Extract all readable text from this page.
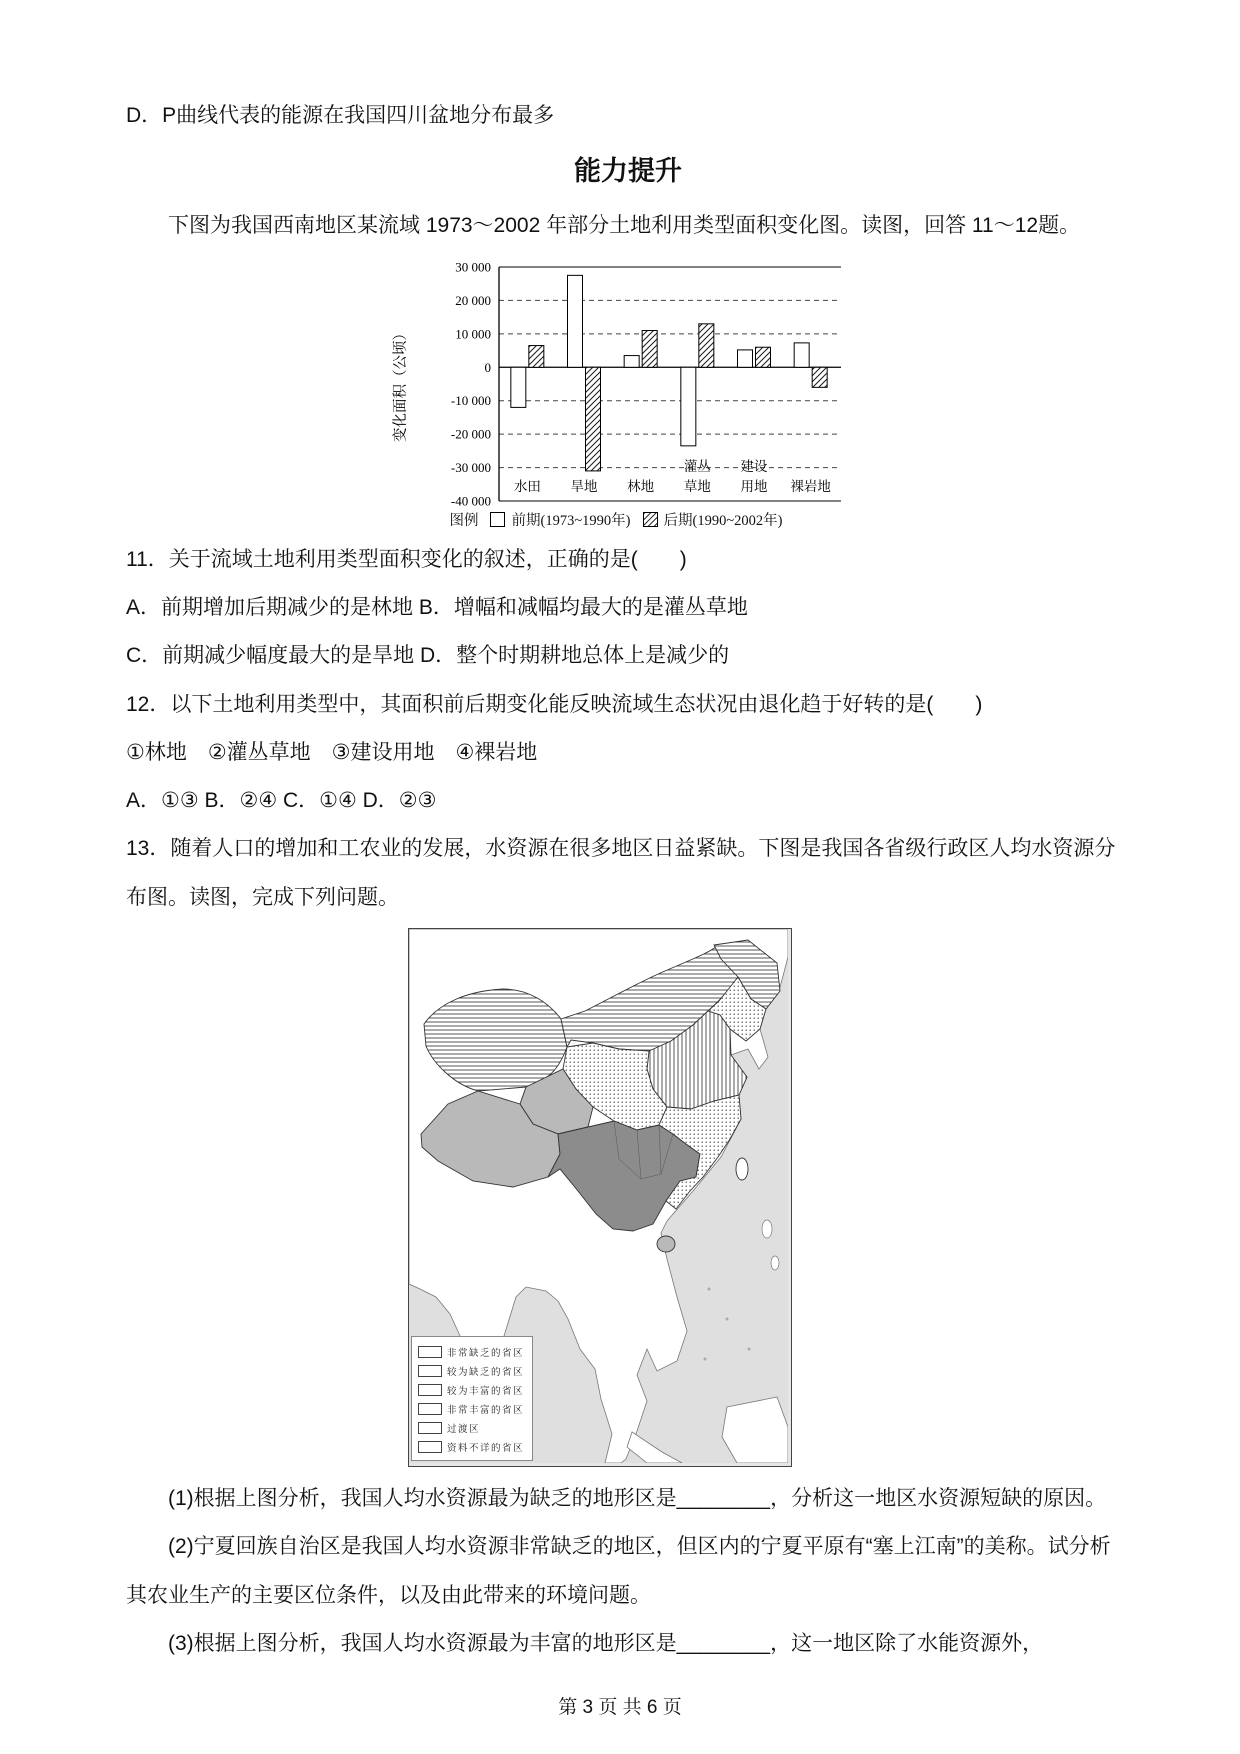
D．P曲线代表的能源在我国四川盆地分布最多

能力提升

下图为我国西南地区某流域 1973～2002 年部分土地利用类型面积变化图。读图，回答 11～12题。

30 000
20 000
10 000
0
-10 000
-20 000
-30 000
-40 000
水田 旱地 林地
灌丛
草地
建设
用地 裸岩地
变化面积（公顷）
图例 前期(1973~1990年) 后期(1990~2002年)

11．关于流域土地利用类型面积变化的叙述，正确的是(　　)

A．前期增加后期减少的是林地 B．增幅和减幅均最大的是灌丛草地

C．前期减少幅度最大的是旱地 D．整个时期耕地总体上是减少的

12．以下土地利用类型中，其面积前后期变化能反映流域生态状况由退化趋于好转的是(　　)

①林地　②灌丛草地　③建设用地　④裸岩地

A．①③ B．②④ C．①④ D．②③

13．随着人口的增加和工农业的发展，水资源在很多地区日益紧缺。下图是我国各省级行政区人均水资源分布图。读图，完成下列问题。

非常缺乏的省区
较为缺乏的省区
较为丰富的省区
非常丰富的省区
过渡区
资料不详的省区

(1)根据上图分析，我国人均水资源最为缺乏的地形区是________，分析这一地区水资源短缺的原因。

(2)宁夏回族自治区是我国人均水资源非常缺乏的地区，但区内的宁夏平原有“塞上江南”的美称。试分析其农业生产的主要区位条件，以及由此带来的环境问题。

(3)根据上图分析，我国人均水资源最为丰富的地形区是________，这一地区除了水能资源外，

第 3 页 共 6 页
